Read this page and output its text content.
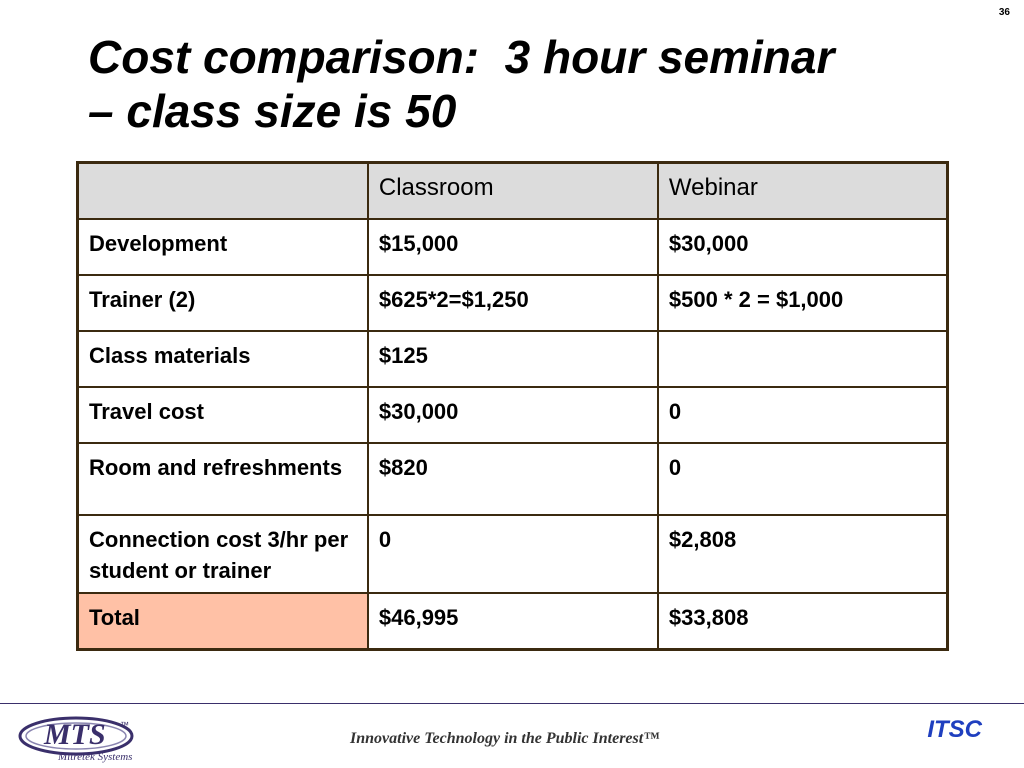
36
Cost comparison:  3 hour seminar
– class size is 50
	Classroom	Webinar
Development	$15,000	$30,000
Trainer (2)	$625*2=$1,250	$500 * 2 = $1,000
Class materials	$125	
Travel cost	$30,000	0
Room and refreshments	$820	0
Connection cost 3/hr per student or trainer	0	$2,808
Total	$46,995	$33,808
MTS ™
Mitretek Systems
Innovative Technology in the Public Interest™	ITSC
